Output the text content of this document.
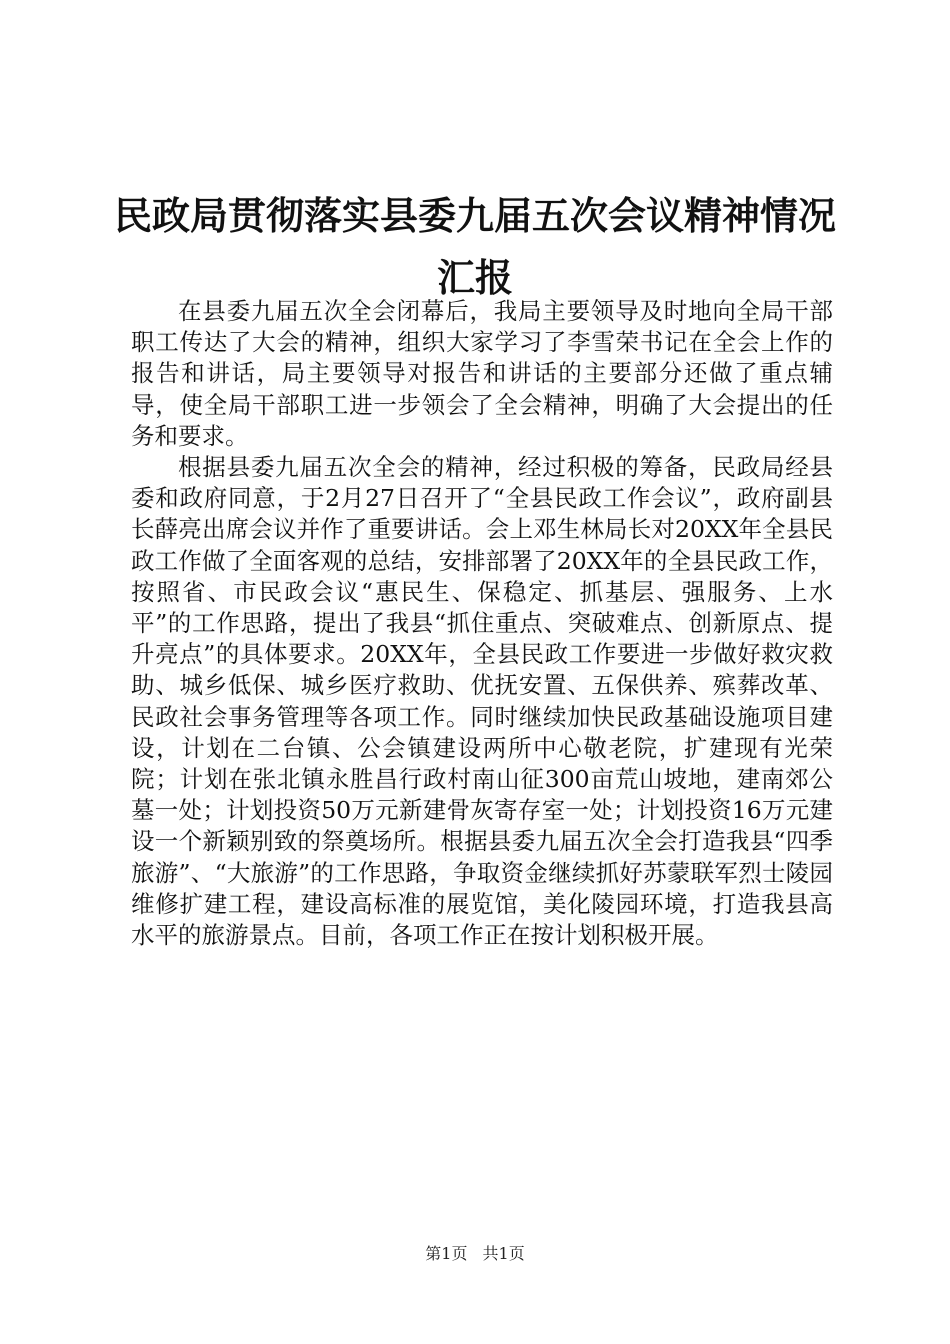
民政局贯彻落实县委九届五次会议精神情况汇报

在县委九届五次全会闭幕后，我局主要领导及时地向全局干部职工传达了大会的精神，组织大家学习了李雪荣书记在全会上作的报告和讲话，局主要领导对报告和讲话的主要部分还做了重点辅导，使全局干部职工进一步领会了全会精神，明确了大会提出的任务和要求。

根据县委九届五次全会的精神，经过积极的筹备，民政局经县委和政府同意，于2月27日召开了“全县民政工作会议”，政府副县长薛亮出席会议并作了重要讲话。会上邓生林局长对20XX年全县民政工作做了全面客观的总结，安排部署了20XX年的全县民政工作，按照省、市民政会议“惠民生、保稳定、抓基层、强服务、上水平”的工作思路，提出了我县“抓住重点、突破难点、创新原点、提升亮点”的具体要求。20XX年，全县民政工作要进一步做好救灾救助、城乡低保、城乡医疗救助、优抚安置、五保供养、殡葬改革、民政社会事务管理等各项工作。同时继续加快民政基础设施项目建设，计划在二台镇、公会镇建设两所中心敬老院，扩建现有光荣院；计划在张北镇永胜昌行政村南山征300亩荒山坡地，建南郊公墓一处；计划投资50万元新建骨灰寄存室一处；计划投资16万元建设一个新颖别致的祭奠场所。根据县委九届五次全会打造我县“四季旅游”、“大旅游”的工作思路，争取资金继续抓好苏蒙联军烈士陵园维修扩建工程，建设高标准的展览馆，美化陵园环境，打造我县高水平的旅游景点。目前，各项工作正在按计划积极开展。

第1页 共1页
